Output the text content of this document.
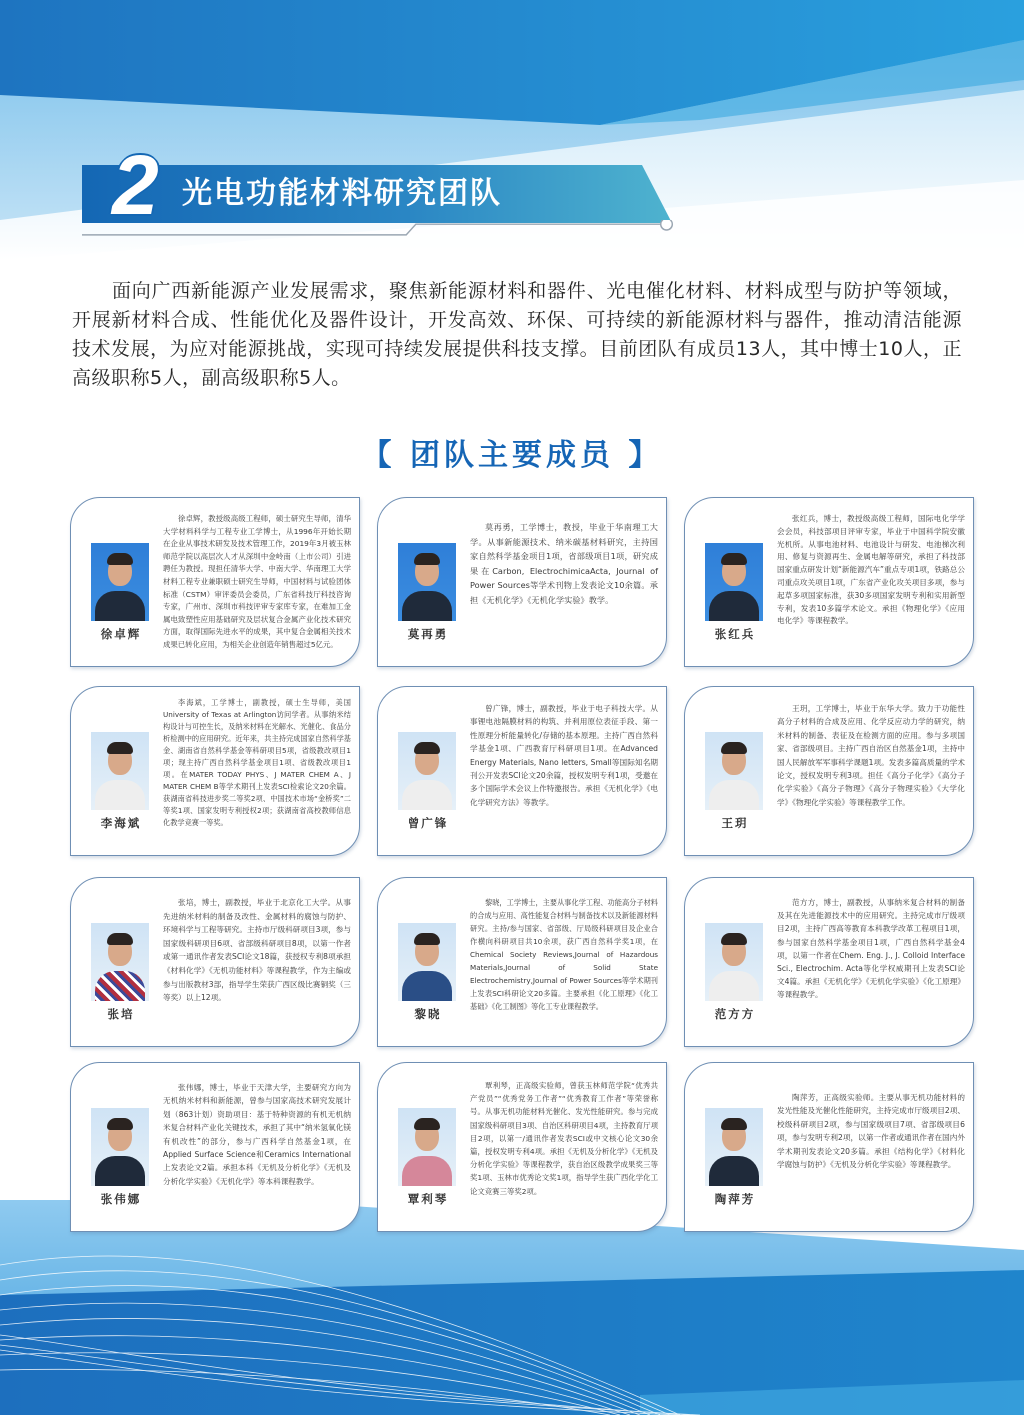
2 光电功能材料研究团队

面向广西新能源产业发展需求，聚焦新能源材料和器件、光电催化材料、材料成型与防护等领域，开展新材料合成、性能优化及器件设计，开发高效、环保、可持续的新能源材料与器件，推动清洁能源技术发展，为应对能源挑战，实现可持续发展提供科技支撑。目前团队有成员13人，其中博士10人，正高级职称5人，副高级职称5人。

【 团队主要成员 】
徐卓辉

徐卓辉，教授级高级工程师，硕士研究生导师，清华大学材料科学与工程专业工学博士，从1996年开始长期在企业从事技术研发及技术管理工作，2019年3月被玉林师范学院以高层次人才从深圳中金岭南（上市公司）引进聘任为教授。现担任清华大学、中南大学、华南理工大学材料工程专业兼职硕士研究生导师，中国材料与试验团体标准（CSTM）审评委员会委员，广东省科技厅科技咨询专家，广州市、深圳市科技评审专家库专家，在难加工金属电致塑性应用基础研究及层状复合金属产业化技术研究方面，取得国际先进水平的成果，其中复合金属相关技术成果已转化应用，为相关企业创造年销售超过5亿元。

莫再勇

莫再勇，工学博士，教授，毕业于华南理工大学。从事新能源技术、纳米碳基材料研究，主持国家自然科学基金项目1项，省部级项目1项，研究成果在Carbon, ElectrochimicaActa, Journal of Power Sources等学术刊物上发表论文10余篇。承担《无机化学》《无机化学实验》教学。

张红兵

张红兵，博士，教授级高级工程师，国际电化学学会会员，科技部项目评审专家，毕业于中国科学院安徽光机所。从事电池材料、电池设计与研发、电池梯次利用、修复与资源再生、金属电解等研究，承担了科技部国家重点研发计划“新能源汽车”重点专项1项，铁路总公司重点攻关项目1项，广东省产业化攻关项目多项，参与起草多项国家标准，获30多项国家发明专利和实用新型专利，发表10多篇学术论文。承担《物理化学》《应用电化学》等课程教学。

李海斌

李海斌，工学博士，副教授，硕士生导师，美国University of Texas at Arlington访问学者。从事纳米结构设计与可控生长，及纳米材料在光解水、光催化、食品分析检测中的应用研究。近年来，共主持完成国家自然科学基金、湖南省自然科学基金等科研项目5项，省级教改项目1项；现主持广西自然科学基金项目1项、省级教改项目1项。在MATER TODAY PHYS、J MATER CHEM A、J MATER CHEM B等学术期刊上发表SCI检索论文20余篇。获湖南省科技进步奖二等奖2项、中国技术市场“金桥奖”二等奖1项、国家发明专利授权2项；获湖南省高校教师信息化教学竞赛一等奖。	曾广锋

曾广锋，博士，副教授，毕业于电子科技大学。从事锂电池隔膜材料的构筑、并利用原位表征手段、第一性原理分析能量转化/存储的基本原理。主持广西自然科学基金1项、广西教育厅科研项目1项。在Advanced Energy Materials, Nano letters, Small等国际知名期刊公开发表SCI论文20余篇，授权发明专利1项，受邀在多个国际学术会议上作特邀报告。承担《无机化学》《电化学研究方法》等教学。

王玥

王玥，工学博士，毕业于东华大学。致力于功能性高分子材料的合成及应用、化学反应动力学的研究，纳米材料的制备、表征及在检测方面的应用。参与多项国家、省部级项目。主持广西自治区自然基金1项，主持中国人民解放军军事科学课题1项。发表多篇高质量的学术论文，授权发明专利3项。担任《高分子化学》《高分子化学实验》《高分子物理》《高分子物理实验》《大学化学》《物理化学实验》等课程教学工作。

张培

张培，博士，副教授，毕业于北京化工大学。从事先进纳米材料的制备及改性、金属材料的腐蚀与防护、环境科学与工程等研究。主持市厅级科研项目3项，参与国家级科研项目6项、省部级科研项目8项，以第一作者或第一通讯作者发表SCI论文18篇，获授权专利8项承担《材料化学》《无机功能材料》等课程教学，作为主编或参与出版教材3部，指导学生荣获广西区级比赛铜奖（三等奖）以上12项。

黎晓

黎晓，工学博士，主要从事化学工程、功能高分子材料的合成与应用、高性能复合材料与制备技术以及新能源材料研究。主持/参与国家、省部级、厅局级科研项目及企业合作横向科研项目共10余项，获广西自然科学奖1项，在Chemical Society Reviews,Journal of Hazardous Materials,Journal of Solid State Electrochemistry,Journal of Power Sources等学术期刊上发表SCI科研论文20多篇。主要承担《化工原理》《化工基础》《化工制图》等化工专业课程教学。

范方方

范方方，博士，副教授，从事纳米复合材料的制备及其在先进能源技术中的应用研究。主持完成市厅级项目2项，主持广西高等教育本科教学改革工程项目1项，参与国家自然科学基金项目1项，广西自然科学基金4项，以第一作者在Chem. Eng. J., J. Colloid Interface Sci., Electrochim. Acta等化学权威期刊上发表SCI论文4篇。承担《无机化学》《无机化学实验》《化工原理》等课程教学。

张伟娜

张伟娜，博士，毕业于天津大学，主要研究方向为无机纳米材料和新能源，曾参与国家高技术研究发展计划（863计划）资助项目：基于特种资源的有机无机纳米复合材料产业化关键技术，承担了其中“纳米氢氧化镁有机改性”的部分，参与广西科学自然基金1项，在Applied Surface Science和Ceramics International上发表论文2篇。承担本科《无机及分析化学》《无机及分析化学实验》《无机化学》等本科课程教学。

覃利琴

覃利琴，正高级实验师，曾获玉林师范学院“优秀共产党员”“优秀党务工作者”“优秀教育工作者”等荣誉称号。从事无机功能材料光催化、发光性能研究。参与完成国家级科研项目3项、自治区科研项目4项，主持教育厅项目2项，以第一/通讯作者发表SCI或中文核心论文30余篇，授权发明专利4项。承担《无机及分析化学》《无机及分析化学实验》等课程教学，获自治区级教学成果奖三等奖1项、玉林市优秀论文奖1项，指导学生获广西化学化工论文竞赛三等奖2项。

陶萍芳

陶萍芳，正高级实验师。主要从事无机功能材料的发光性能及光催化性能研究，主持完成市厅级项目2项、校级科研项目2项，参与国家级项目7项、省部级项目6项，参与发明专利2项，以第一作者或通讯作者在国内外学术期刊发表论文20多篇。承担《结构化学》《材料化学腐蚀与防护》《无机及分析化学实验》等课程教学。
